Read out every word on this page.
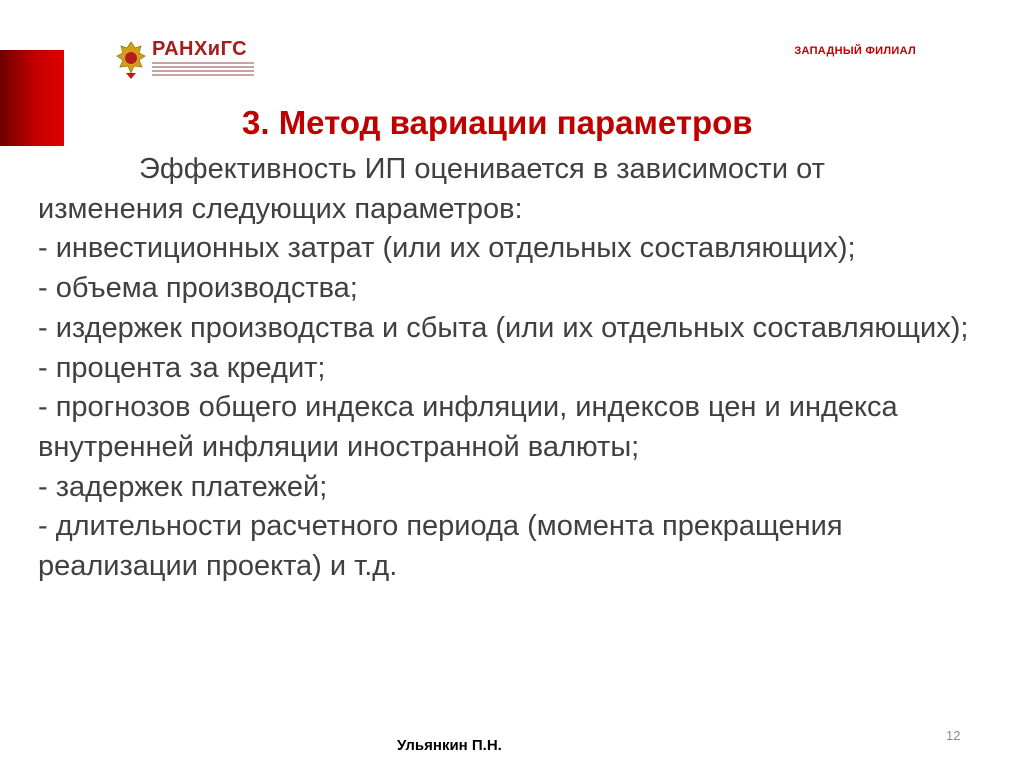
РАНХиГС	ЗАПАДНЫЙ ФИЛИАЛ
3. Метод вариации параметров

Эффективность ИП оценивается в зависимости от изменения следующих параметров:

- инвестиционных затрат (или их отдельных составляющих);

- объема производства;

- издержек производства и сбыта (или их отдельных составляющих);

- процента за кредит;

- прогнозов общего индекса инфляции, индексов цен и индекса внутренней инфляции иностранной валюты;

- задержек платежей;

- длительности расчетного периода (момента прекращения реализации проекта) и т.д.

Ульянкин П.Н.
12
